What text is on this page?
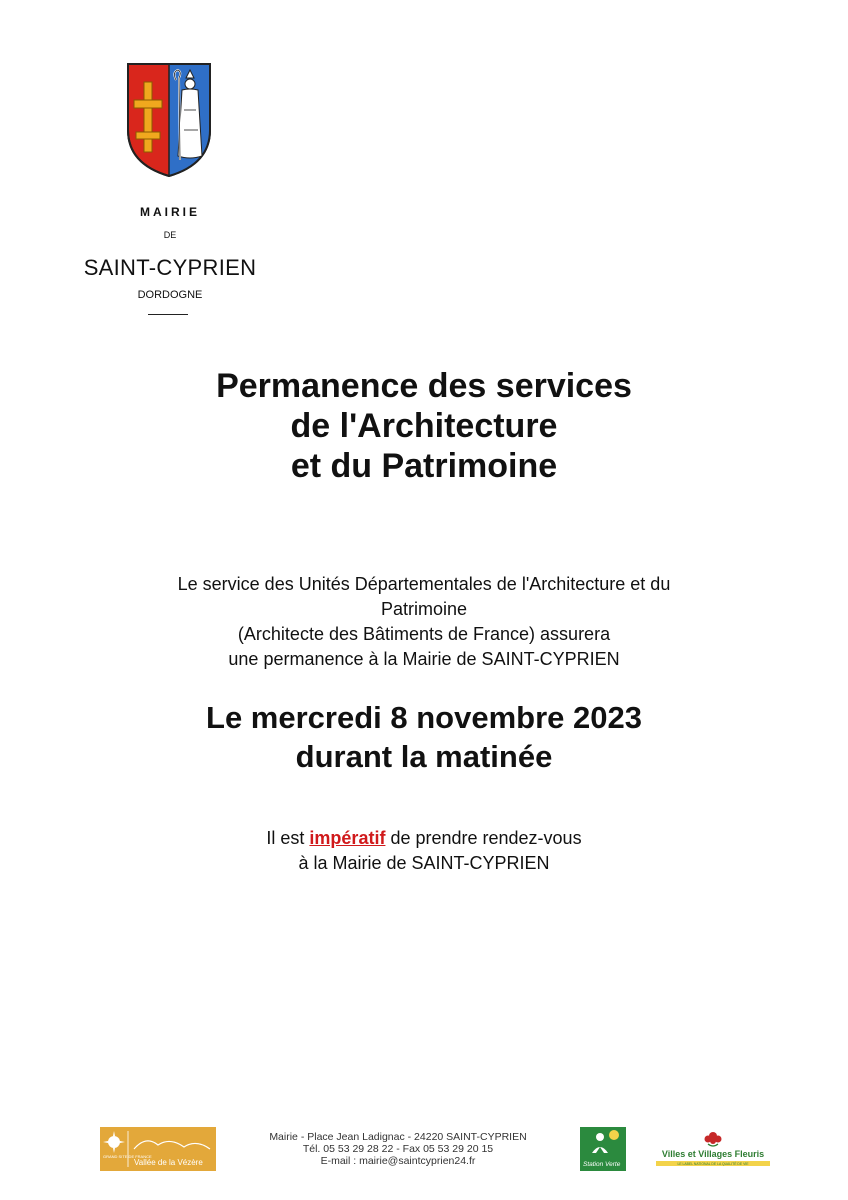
MAIRIE
DE
SAINT-CYPRIEN
DORDOGNE
Permanence des services
de l'Architecture
et du Patrimoine
Le service des Unités Départementales de l'Architecture et du
Patrimoine
(Architecte des Bâtiments de France) assurera
une permanence à la Mairie de SAINT-CYPRIEN
Le mercredi 8 novembre 2023
durant la matinée
Il est impératif de prendre rendez-vous
à la Mairie de SAINT-CYPRIEN
GRAND SITE DE FRANCE
Vallée de la Vézère
Mairie - Place Jean Ladignac - 24220 SAINT-CYPRIEN
Tél. 05 53 29 28 22 - Fax 05 53 29 20 15
E-mail : mairie@saintcyprien24.fr	Station Verte
Villes et Villages Fleuris
LE LABEL NATIONAL DE LA QUALITÉ DE VIE
